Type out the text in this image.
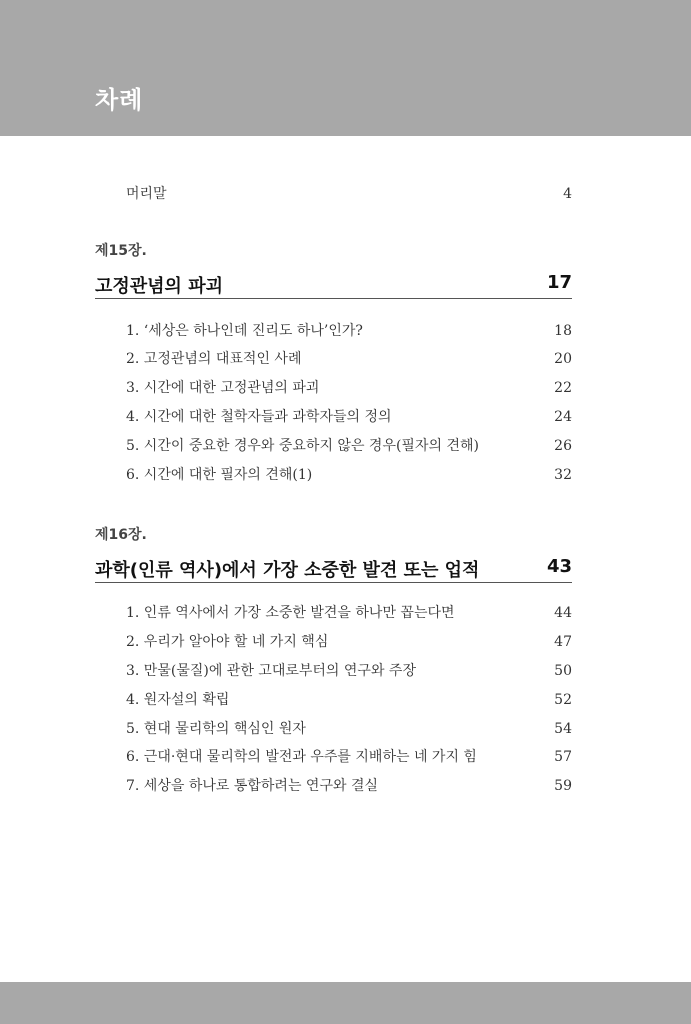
차례
머리말	4
제15장.
고정관념의 파괴	17
1. ‘세상은 하나인데 진리도 하나’인가?	18
2. 고정관념의 대표적인 사례	20
3. 시간에 대한 고정관념의 파괴	22
4. 시간에 대한 철학자들과 과학자들의 정의	24
5. 시간이 중요한 경우와 중요하지 않은 경우(필자의 견해)	26
6. 시간에 대한 필자의 견해(1)	32
제16장.
과학(인류 역사)에서 가장 소중한 발견 또는 업적	43
1. 인류 역사에서 가장 소중한 발견을 하나만 꼽는다면	44
2. 우리가 알아야 할 네 가지 핵심	47
3. 만물(물질)에 관한 고대로부터의 연구와 주장	50
4. 원자설의 확립	52
5. 현대 물리학의 핵심인 원자	54
6. 근대·현대 물리학의 발전과 우주를 지배하는 네 가지 힘	57
7. 세상을 하나로 통합하려는 연구와 결실	59
